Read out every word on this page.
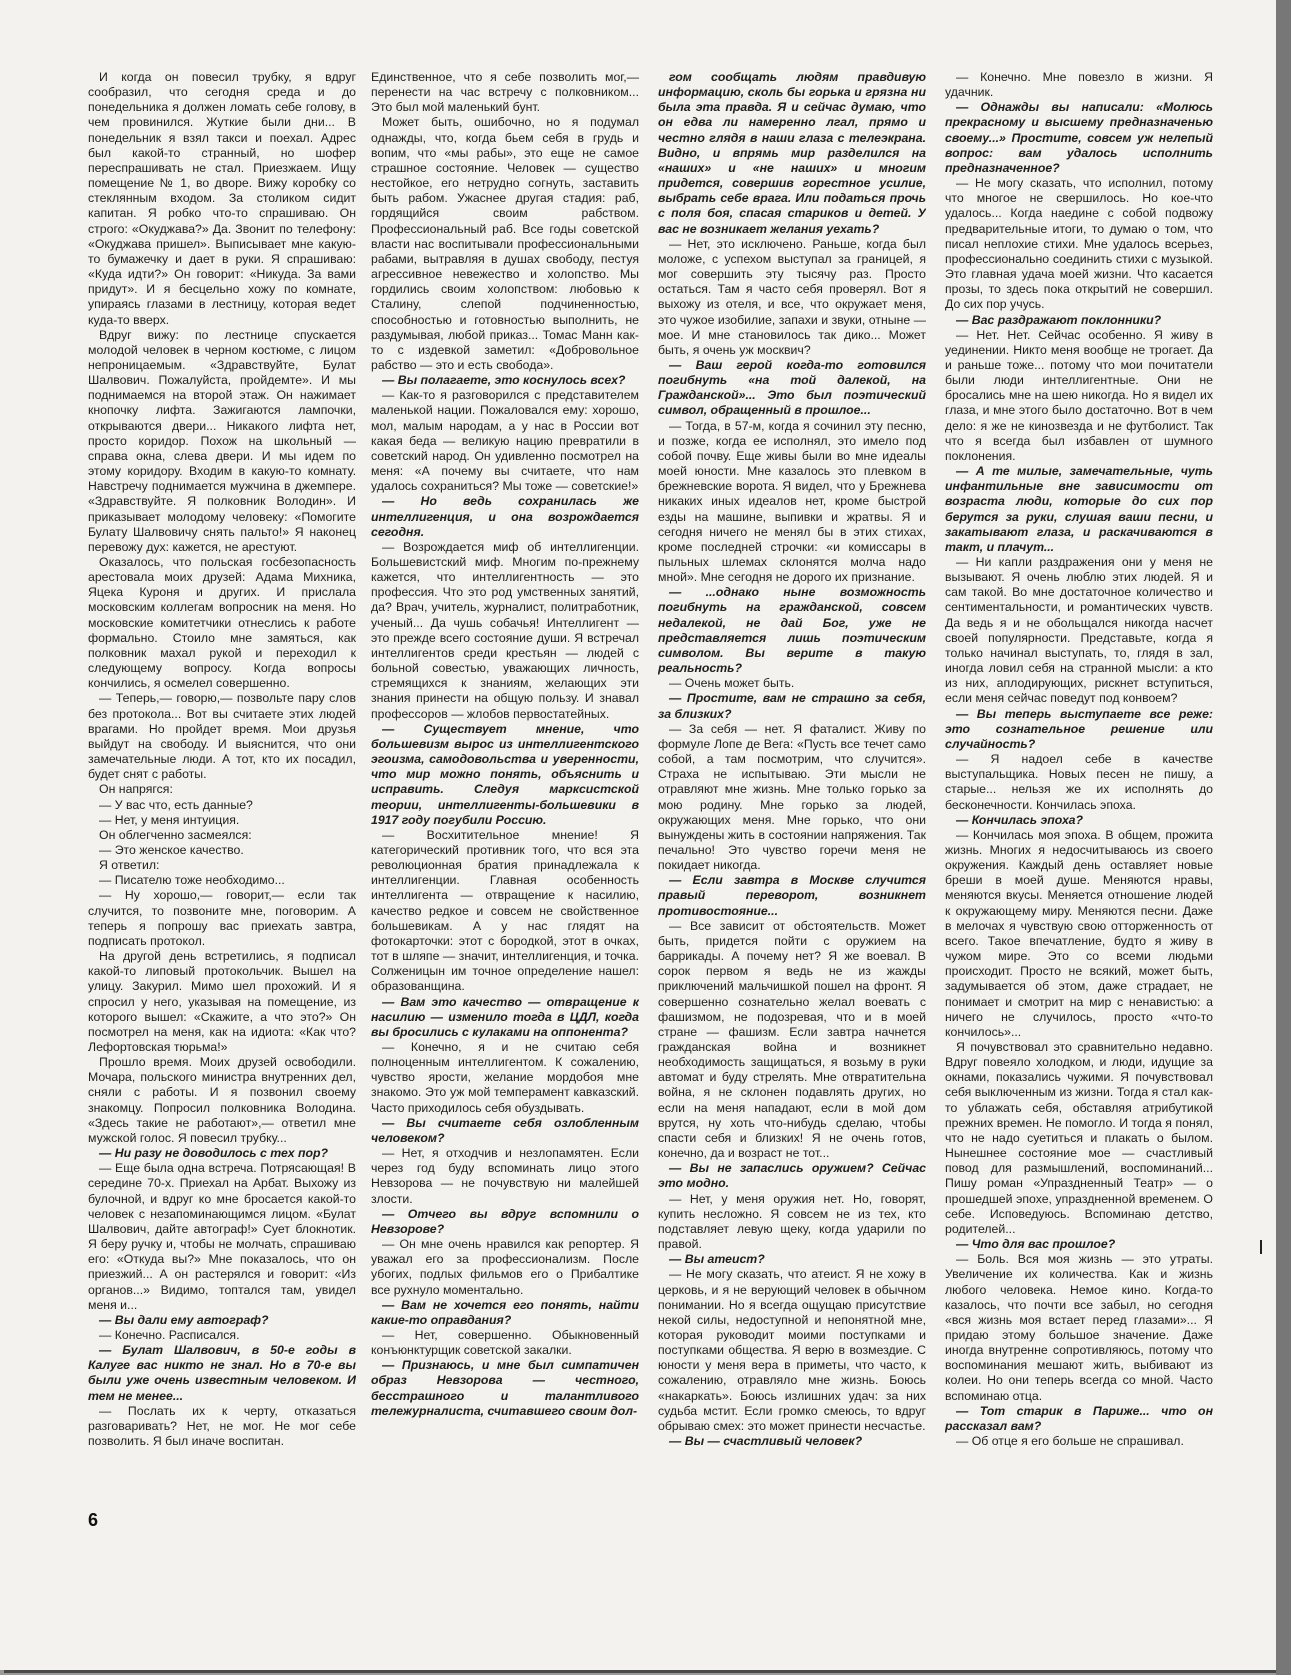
И когда он повесил трубку, я вдруг сообразил, что сегодня среда и до понедельника я должен ломать себе голову, в чем провинился. Жуткие были дни... В понедельник я взял такси и поехал. Адрес был какой-то странный, но шофер переспрашивать не стал. Приезжаем. Ищу помещение № 1, во дворе. Вижу коробку со стеклянным входом. За столиком сидит капитан. Я робко что-то спрашиваю. Он строго: «Окуджава?» Да. Звонит по телефону: «Окуджава пришел». Выписывает мне какую-то бумажечку и дает в руки. Я спрашиваю: «Куда идти?» Он говорит: «Никуда. За вами придут». И я бесцельно хожу по комнате, упираясь глазами в лестницу, которая ведет куда-то вверх.

Вдруг вижу: по лестнице спускается молодой человек в черном костюме, с лицом непроницаемым. «Здравствуйте, Булат Шалвович. Пожалуйста, пройдемте». И мы поднимаемся на второй этаж. Он нажимает кнопочку лифта. Зажигаются лампочки, открываются двери... Никакого лифта нет, просто коридор. Похож на школьный — справа окна, слева двери. И мы идем по этому коридору. Входим в какую-то комнату. Навстречу поднимается мужчина в джемпере. «Здравствуйте. Я полковник Володин». И приказывает молодому человеку: «Помогите Булату Шалвовичу снять пальто!» Я наконец перевожу дух: кажется, не арестуют.

Оказалось, что польская госбезопасность арестовала моих друзей: Адама Михника, Яцека Куроня и других. И прислала московским коллегам вопросник на меня. Но московские комитетчики отнеслись к работе формально. Стоило мне замяться, как полковник махал рукой и переходил к следующему вопросу. Когда вопросы кончились, я осмелел совершенно.

— Теперь,— говорю,— позвольте пару слов без протокола... Вот вы считаете этих людей врагами. Но пройдет время. Мои друзья выйдут на свободу. И выяснится, что они замечательные люди. А тот, кто их посадил, будет снят с работы.

Он напрягся:

— У вас что, есть данные?

— Нет, у меня интуиция.

Он облегченно засмеялся:

— Это женское качество.

Я ответил:

— Писателю тоже необходимо...

— Ну хорошо,— говорит,— если так случится, то позвоните мне, поговорим. А теперь я попрошу вас приехать завтра, подписать протокол.

На другой день встретились, я подписал какой-то липовый протокольчик. Вышел на улицу. Закурил. Мимо шел прохожий. И я спросил у него, указывая на помещение, из которого вышел: «Скажите, а что это?» Он посмотрел на меня, как на идиота: «Как что? Лефортовская тюрьма!»

Прошло время. Моих друзей освободили. Мочара, польского министра внутренних дел, сняли с работы. И я позвонил своему знакомцу. Попросил полковника Володина. «Здесь такие не работают»,— ответил мне мужской голос. Я повесил трубку...

— Ни разу не доводилось с тех пор?

— Еще была одна встреча. Потрясающая! В середине 70-х. Приехал на Арбат. Выхожу из булочной, и вдруг ко мне бросается какой-то человек с незапоминающимся лицом. «Булат Шалвович, дайте автограф!» Сует блокнотик. Я беру ручку и, чтобы не молчать, спрашиваю его: «Откуда вы?» Мне показалось, что он приезжий... А он растерялся и говорит: «Из органов...» Видимо, топтался там, увидел меня и...

— Вы дали ему автограф?

— Конечно. Расписался.

— Булат Шалвович, в 50-е годы в Калуге вас никто не знал. Но в 70-е вы были уже очень известным человеком. И тем не менее...

— Послать их к черту, отказаться разговаривать? Нет, не мог. Не мог себе позволить. Я был иначе воспитан.

Единственное, что я себе позволить мог,— перенести на час встречу с полковником... Это был мой маленький бунт.

Может быть, ошибочно, но я подумал однажды, что, когда бьем себя в грудь и вопим, что «мы рабы», это еще не самое страшное состояние. Человек — существо нестойкое, его нетрудно согнуть, заставить быть рабом. Ужаснее другая стадия: раб, гордящийся своим рабством. Профессиональный раб. Все годы советской власти нас воспитывали профессиональными рабами, вытравляя в душах свободу, пестуя агрессивное невежество и холопство. Мы гордились своим холопством: любовью к Сталину, слепой подчиненностью, способностью и готовностью выполнить, не раздумывая, любой приказ... Томас Манн как-то с издевкой заметил: «Добровольное рабство — это и есть свобода».

— Вы полагаете, это коснулось всех?

— Как-то я разговорился с представителем маленькой нации. Пожаловался ему: хорошо, мол, малым народам, а у нас в России вот какая беда — великую нацию превратили в советский народ. Он удивленно посмотрел на меня: «А почему вы считаете, что нам удалось сохраниться? Мы тоже — советские!»

— Но ведь сохранилась же интеллигенция, и она возрождается сегодня.

— Возрождается миф об интеллигенции. Большевистский миф. Многим по-прежнему кажется, что интеллигентность — это профессия. Что это род умственных занятий, да? Врач, учитель, журналист, политработник, ученый... Да чушь собачья! Интеллигент — это прежде всего состояние души. Я встречал интеллигентов среди крестьян — людей с больной совестью, уважающих личность, стремящихся к знаниям, желающих эти знания принести на общую пользу. И знавал профессоров — жлобов первостатейных.

— Существует мнение, что большевизм вырос из интеллигентского эгоизма, самодовольства и уверенности, что мир можно понять, объяснить и исправить. Следуя марксистской теории, интеллигенты-большевики в 1917 году погубили Россию.

— Восхитительное мнение! Я категорический противник того, что вся эта революционная братия принадлежала к интеллигенции. Главная особенность интеллигента — отвращение к насилию, качество редкое и совсем не свойственное большевикам. А у нас глядят на фотокарточки: этот с бородкой, этот в очках, тот в шляпе — значит, интеллигенция, и точка. Солженицын им точное определение нашел: образованщина.

— Вам это качество — отвращение к насилию — изменило тогда в ЦДЛ, когда вы бросились с кулаками на оппонента?

— Конечно, я и не считаю себя полноценным интеллигентом. К сожалению, чувство ярости, желание мордобоя мне знакомо. Это уж мой темперамент кавказский. Часто приходилось себя обуздывать.

— Вы считаете себя озлобленным человеком?

— Нет, я отходчив и незлопамятен. Если через год буду вспоминать лицо этого Невзорова — не почувствую ни малейшей злости.

— Отчего вы вдруг вспомнили о Невзорове?

— Он мне очень нравился как репортер. Я уважал его за профессионализм. После убогих, подлых фильмов его о Прибалтике все рухнуло моментально.

— Вам не хочется его понять, найти какие-то оправдания?

— Нет, совершенно. Обыкновенный конъюнктурщик советской закалки.

— Признаюсь, и мне был симпатичен образ Невзорова — честного, бесстрашного и талантливого тележурналиста, считавшего своим дол-

гом сообщать людям правдивую информацию, сколь бы горька и грязна ни была эта правда. Я и сейчас думаю, что он едва ли намеренно лгал, прямо и честно глядя в наши глаза с телеэкрана. Видно, и впрямь мир разделился на «наших» и «не наших» и многим придется, совершив горестное усилие, выбрать себе врага. Или податься прочь с поля боя, спасая стариков и детей. У вас не возникает желания уехать?

— Нет, это исключено. Раньше, когда был моложе, с успехом выступал за границей, я мог совершить эту тысячу раз. Просто остаться. Там я часто себя проверял. Вот я выхожу из отеля, и все, что окружает меня, это чужое изобилие, запахи и звуки, отныне — мое. И мне становилось так дико... Может быть, я очень уж москвич?

— Ваш герой когда-то готовился погибнуть «на той далекой, на Гражданской»... Это был поэтический символ, обращенный в прошлое...

— Тогда, в 57-м, когда я сочинил эту песню, и позже, когда ее исполнял, это имело под собой почву. Еще живы были во мне идеалы моей юности. Мне казалось это плевком в брежневские ворота. Я видел, что у Брежнева никаких иных идеалов нет, кроме быстрой езды на машине, выпивки и жратвы. Я и сегодня ничего не менял бы в этих стихах, кроме последней строчки: «и комиссары в пыльных шлемах склонятся молча надо мной». Мне сегодня не дорого их признание.

— ...однако ныне возможность погибнуть на гражданской, совсем недалекой, не дай Бог, уже не представляется лишь поэтическим символом. Вы верите в такую реальность?

— Очень может быть.

— Простите, вам не страшно за себя, за близких?

— За себя — нет. Я фаталист. Живу по формуле Лопе де Вега: «Пусть все течет само собой, а там посмотрим, что случится». Страха не испытываю. Эти мысли не отравляют мне жизнь. Мне только горько за мою родину. Мне горько за людей, окружающих меня. Мне горько, что они вынуждены жить в состоянии напряжения. Так печально! Это чувство горечи меня не покидает никогда.

— Если завтра в Москве случится правый переворот, возникнет противостояние...

— Все зависит от обстоятельств. Может быть, придется пойти с оружием на баррикады. А почему нет? Я же воевал. В сорок первом я ведь не из жажды приключений мальчишкой пошел на фронт. Я совершенно сознательно желал воевать с фашизмом, не подозревая, что и в моей стране — фашизм. Если завтра начнется гражданская война и возникнет необходимость защищаться, я возьму в руки автомат и буду стрелять. Мне отвратительна война, я не склонен подавлять других, но если на меня нападают, если в мой дом врутся, ну хоть что-нибудь сделаю, чтобы спасти себя и близких! Я не очень готов, конечно, да и возраст не тот...

— Вы не запаслись оружием? Сейчас это модно.

— Нет, у меня оружия нет. Но, говорят, купить несложно. Я совсем не из тех, кто подставляет левую щеку, когда ударили по правой.

— Вы атеист?

— Не могу сказать, что атеист. Я не хожу в церковь, и я не верующий человек в обычном понимании. Но я всегда ощущаю присутствие некой силы, недоступной и непонятной мне, которая руководит моими поступками и поступками общества. Я верю в возмездие. С юности у меня вера в приметы, что часто, к сожалению, отравляло мне жизнь. Боюсь «накаркать». Боюсь излишних удач: за них судьба мстит. Если громко смеюсь, то вдруг обрываю смех: это может принести несчастье.

— Вы — счастливый человек?

— Конечно. Мне повезло в жизни. Я удачник.

— Однажды вы написали: «Молюсь прекрасному и высшему предназначенью своему...» Простите, совсем уж нелепый вопрос: вам удалось исполнить предназначенное?

— Не могу сказать, что исполнил, потому что многое не свершилось. Но кое-что удалось... Когда наедине с собой подвожу предварительные итоги, то думаю о том, что писал неплохие стихи. Мне удалось всерьез, профессионально соединить стихи с музыкой. Это главная удача моей жизни. Что касается прозы, то здесь пока открытий не совершил. До сих пор учусь.

— Вас раздражают поклонники?

— Нет. Нет. Сейчас особенно. Я живу в уединении. Никто меня вообще не трогает. Да и раньше тоже... потому что мои почитатели были люди интеллигентные. Они не бросались мне на шею никогда. Но я видел их глаза, и мне этого было достаточно. Вот в чем дело: я же не кинозвезда и не футболист. Так что я всегда был избавлен от шумного поклонения.

— А те милые, замечательные, чуть инфантильные вне зависимости от возраста люди, которые до сих пор берутся за руки, слушая ваши песни, и закатывают глаза, и раскачиваются в такт, и плачут...

— Ни капли раздражения они у меня не вызывают. Я очень люблю этих людей. Я и сам такой. Во мне достаточное количество и сентиментальности, и романтических чувств. Да ведь я и не обольщался никогда насчет своей популярности. Представьте, когда я только начинал выступать, то, глядя в зал, иногда ловил себя на странной мысли: а кто из них, аплодирующих, рискнет вступиться, если меня сейчас поведут под конвоем?

— Вы теперь выступаете все реже: это сознательное решение или случайность?

— Я надоел себе в качестве выступальщика. Новых песен не пишу, а старые... нельзя же их исполнять до бесконечности. Кончилась эпоха.

— Кончилась эпоха?

— Кончилась моя эпоха. В общем, прожита жизнь. Многих я недосчитываюсь из своего окружения. Каждый день оставляет новые бреши в моей душе. Меняются нравы, меняются вкусы. Меняется отношение людей к окружающему миру. Меняются песни. Даже в мелочах я чувствую свою отторженность от всего. Такое впечатление, будто я живу в чужом мире. Это со всеми людьми происходит. Просто не всякий, может быть, задумывается об этом, даже страдает, не понимает и смотрит на мир с ненавистью: а ничего не случилось, просто «что-то кончилось»...

Я почувствовал это сравнительно недавно. Вдруг повеяло холодком, и люди, идущие за окнами, показались чужими. Я почувствовал себя выключенным из жизни. Тогда я стал как-то ублажать себя, обставляя атрибутикой прежних времен. Не помогло. И тогда я понял, что не надо суетиться и плакать о былом. Нынешнее состояние мое — счастливый повод для размышлений, воспоминаний... Пишу роман «Упраздненный Театр» — о прошедшей эпохе, упраздненной временем. О себе. Исповедуюсь. Вспоминаю детство, родителей...

— Что для вас прошлое?

— Боль. Вся моя жизнь — это утраты. Увеличение их количества. Как и жизнь любого человека. Немое кино. Когда-то казалось, что почти все забыл, но сегодня «вся жизнь моя встает перед глазами»... Я придаю этому большое значение. Даже иногда внутренне сопротивляюсь, потому что воспоминания мешают жить, выбивают из колеи. Но они теперь всегда со мной. Часто вспоминаю отца.

— Тот старик в Париже... что он рассказал вам?

— Об отце я его больше не спрашивал.

6
